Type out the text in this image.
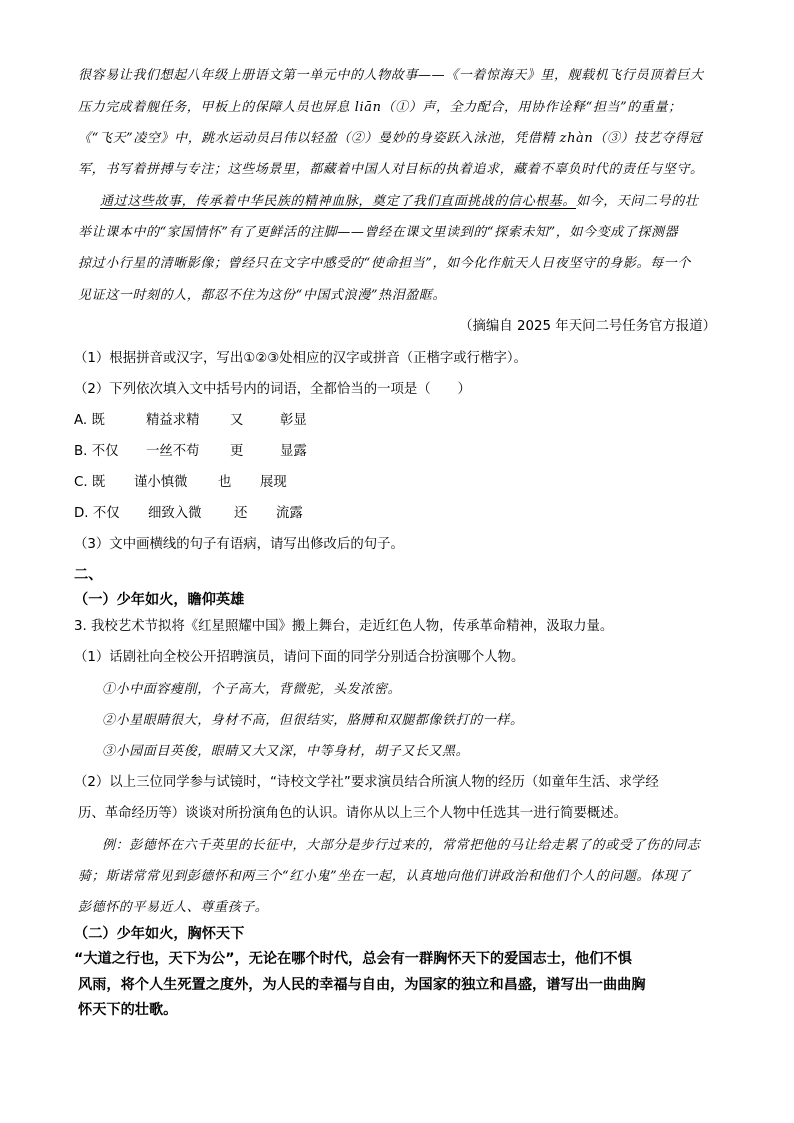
很容易让我们想起八年级上册语文第一单元中的人物故事——《一着惊海天》里，舰载机飞行员顶着巨大
压力完成着舰任务，甲板上的保障人员也屏息 liān（①）声，全力配合，用协作诠释“担当”的重量；
《“飞天”凌空》中，跳水运动员吕伟以轻盈（②）曼妙的身姿跃入泳池，凭借精 zhàn（③）技艺夺得冠
军，书写着拼搏与专注；这些场景里，都藏着中国人对目标的执着追求，藏着不辜负时代的责任与坚守。
通过这些故事，传承着中华民族的精神血脉，奠定了我们直面挑战的信心根基。如今，天问二号的壮
举让课本中的“家国情怀”有了更鲜活的注脚——曾经在课文里读到的“探索未知”，如今变成了探测器
掠过小行星的清晰影像；曾经只在文字中感受的“使命担当”，如今化作航天人日夜坚守的身影。每一个
见证这一时刻的人，都忍不住为这份“中国式浪漫”热泪盈眶。
（摘编自 2025 年天问二号任务官方报道）
（1）根据拼音或汉字，写出①②③处相应的汉字或拼音（正楷字或行楷字）。
（2）下列依次填入文中括号内的词语，全都恰当的一项是（　　）
A. 既	精益求精 又	彰显
B. 不仅 一丝不苟 更	显露
C. 既 谨小慎微 也 展现
D. 不仅 细致入微 还 流露
（3）文中画横线的句子有语病，请写出修改后的句子。
二、
（一）少年如火，瞻仰英雄
3. 我校艺术节拟将《红星照耀中国》搬上舞台，走近红色人物，传承革命精神，汲取力量。
（1）话剧社向全校公开招聘演员，请问下面的同学分别适合扮演哪个人物。
①小中面容瘦削，个子高大，背微驼，头发浓密。
②小星眼睛很大，身材不高，但很结实，胳膊和双腿都像铁打的一样。
③小园面目英俊，眼睛又大又深，中等身材，胡子又长又黑。
（2）以上三位同学参与试镜时，“诗校文学社”要求演员结合所演人物的经历（如童年生活、求学经
历、革命经历等）谈谈对所扮演角色的认识。请你从以上三个人物中任选其一进行简要概述。
例：彭德怀在六千英里的长征中，大部分是步行过来的，常常把他的马让给走累了的或受了伤的同志
骑；斯诺常常见到彭德怀和两三个“红小鬼”坐在一起，认真地向他们讲政治和他们个人的问题。体现了
彭德怀的平易近人、尊重孩子。
（二）少年如火，胸怀天下
“大道之行也，天下为公”，无论在哪个时代，总会有一群胸怀天下的爱国志士，他们不惧
风雨，将个人生死置之度外，为人民的幸福与自由，为国家的独立和昌盛，谱写出一曲曲胸
怀天下的壮歌。
